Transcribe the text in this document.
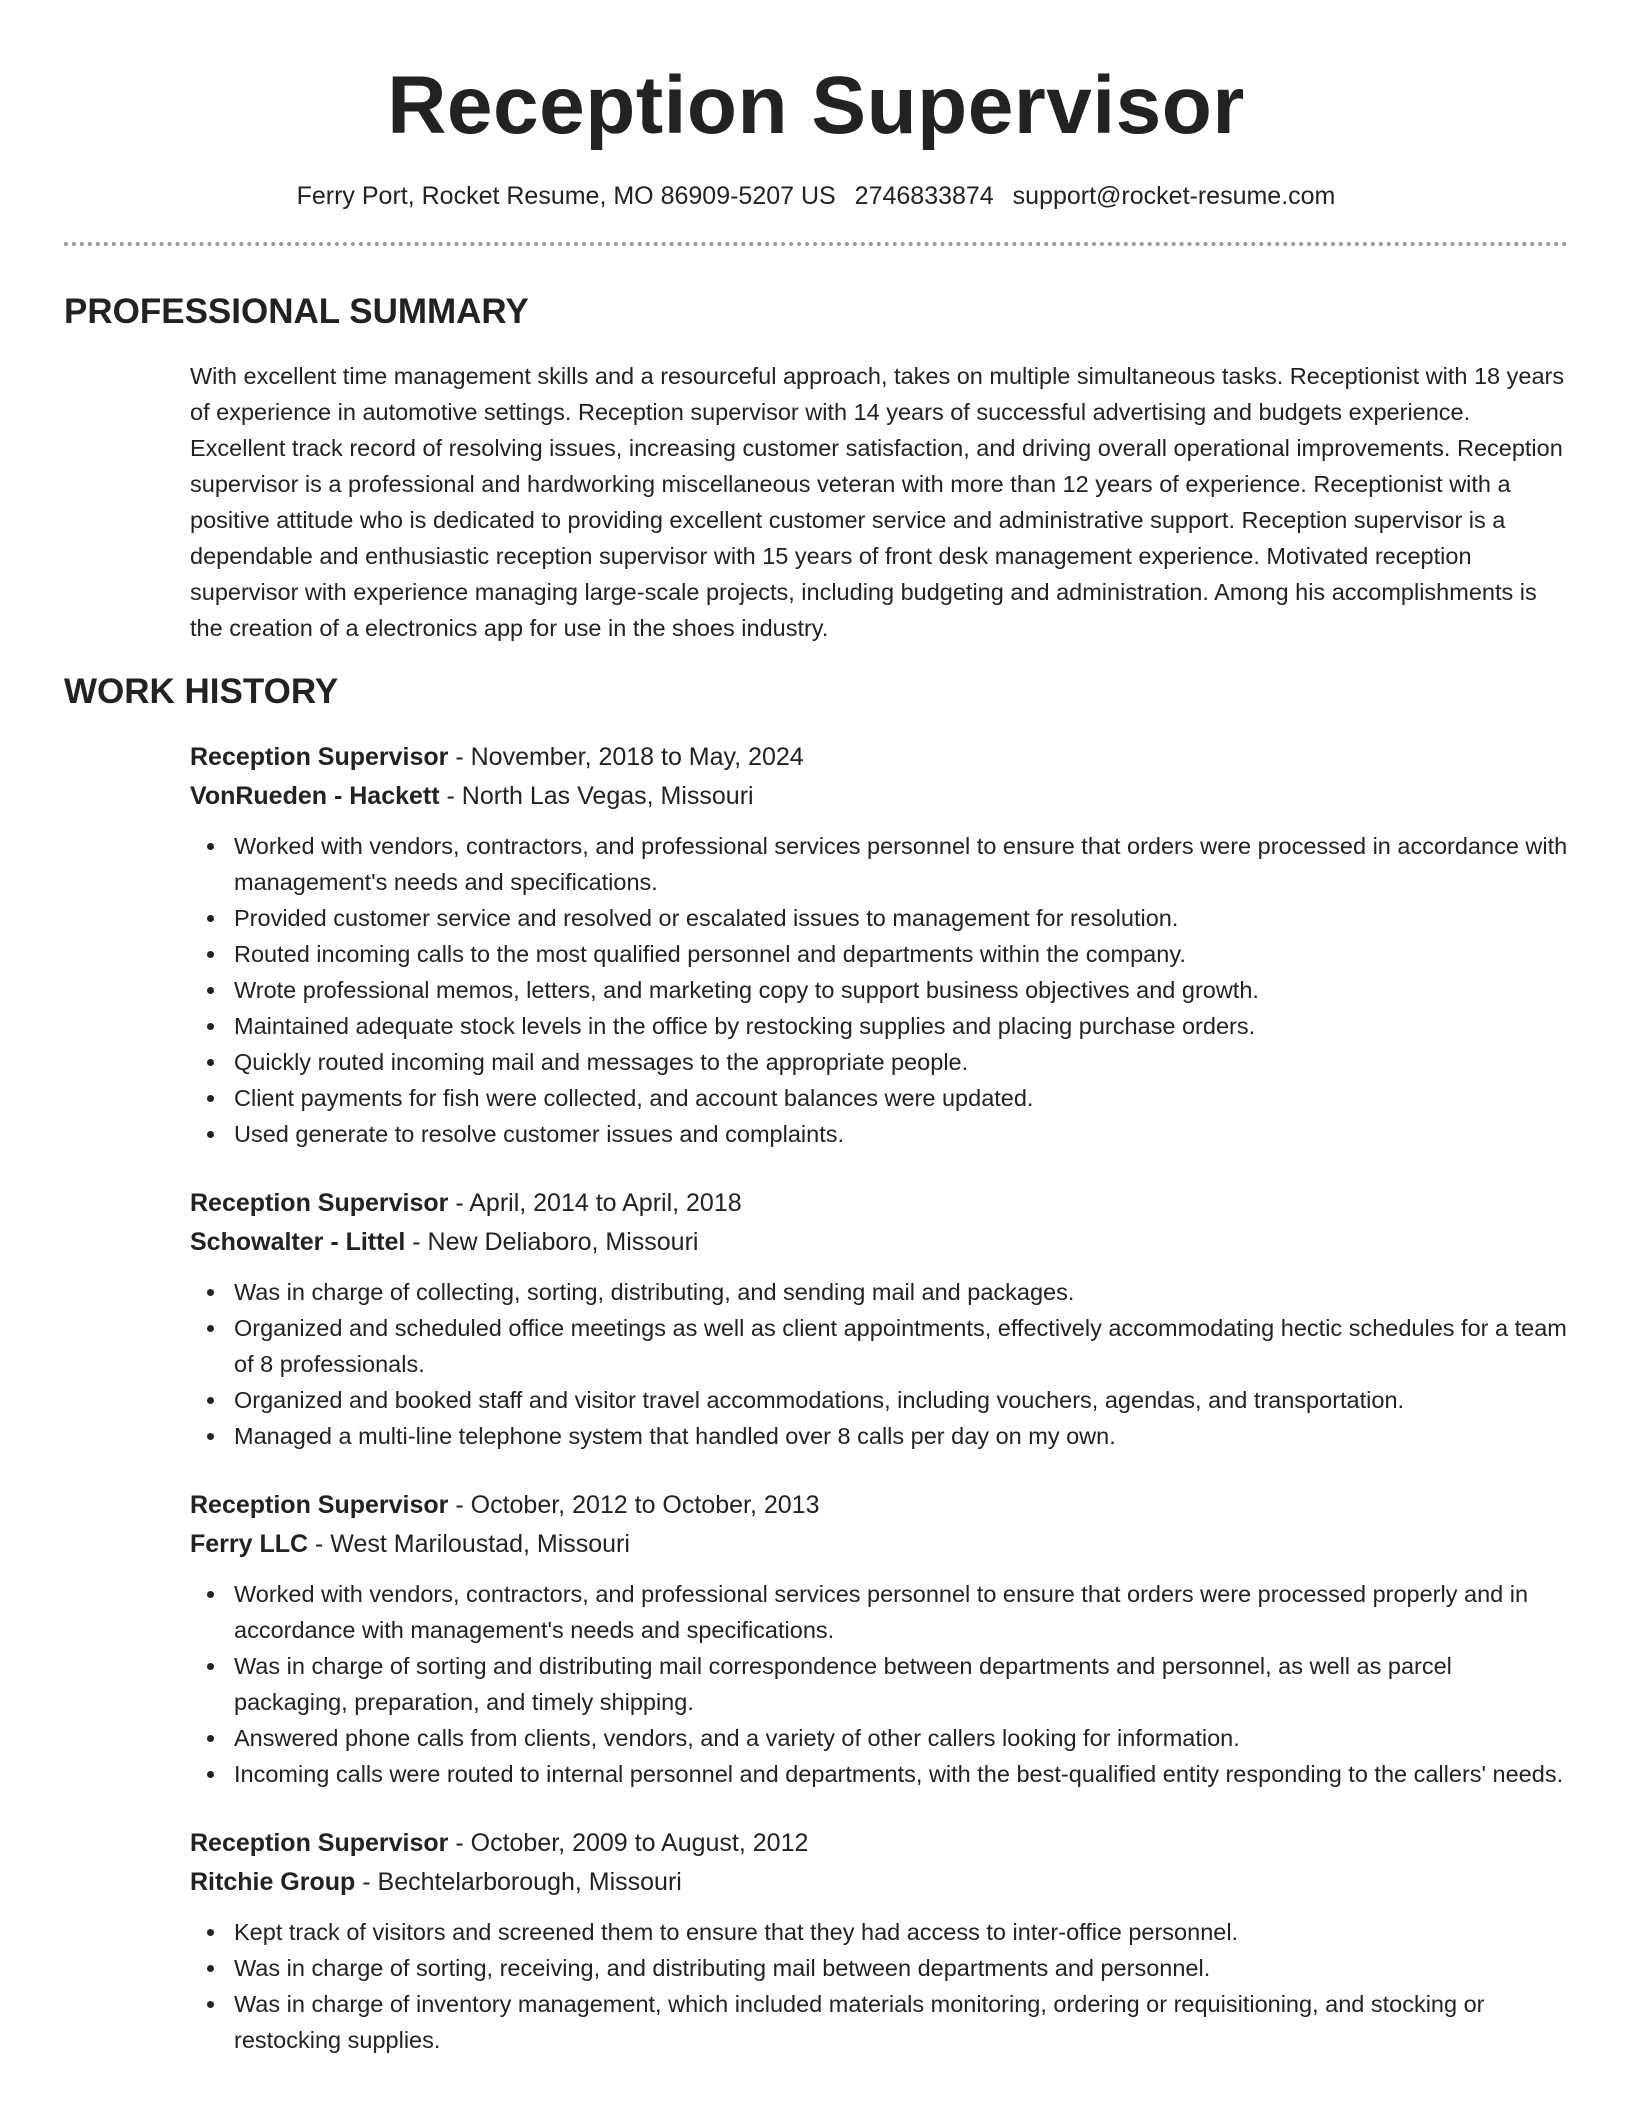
Reception Supervisor
Ferry Port, Rocket Resume, MO 86909-5207 US 2746833874 support@rocket-resume.com
PROFESSIONAL SUMMARY

With excellent time management skills and a resourceful approach, takes on multiple simultaneous tasks. Receptionist with 18 years of experience in automotive settings. Reception supervisor with 14 years of successful advertising and budgets experience. Excellent track record of resolving issues, increasing customer satisfaction, and driving overall operational improvements. Reception supervisor is a professional and hardworking miscellaneous veteran with more than 12 years of experience. Receptionist with a positive attitude who is dedicated to providing excellent customer service and administrative support. Reception supervisor is a dependable and enthusiastic reception supervisor with 15 years of front desk management experience. Motivated reception supervisor with experience managing large-scale projects, including budgeting and administration. Among his accomplishments is the creation of a electronics app for use in the shoes industry.

WORK HISTORY
Reception Supervisor - November, 2018 to May, 2024
VonRueden - Hackett - North Las Vegas, Missouri
Worked with vendors, contractors, and professional services personnel to ensure that orders were processed in accordance with management's needs and specifications.
Provided customer service and resolved or escalated issues to management for resolution.
Routed incoming calls to the most qualified personnel and departments within the company.
Wrote professional memos, letters, and marketing copy to support business objectives and growth.
Maintained adequate stock levels in the office by restocking supplies and placing purchase orders.
Quickly routed incoming mail and messages to the appropriate people.
Client payments for fish were collected, and account balances were updated.
Used generate to resolve customer issues and complaints.
Reception Supervisor - April, 2014 to April, 2018
Schowalter - Littel - New Deliaboro, Missouri
Was in charge of collecting, sorting, distributing, and sending mail and packages.
Organized and scheduled office meetings as well as client appointments, effectively accommodating hectic schedules for a team of 8 professionals.
Organized and booked staff and visitor travel accommodations, including vouchers, agendas, and transportation.
Managed a multi-line telephone system that handled over 8 calls per day on my own.
Reception Supervisor - October, 2012 to October, 2013
Ferry LLC - West Mariloustad, Missouri
Worked with vendors, contractors, and professional services personnel to ensure that orders were processed properly and in accordance with management's needs and specifications.
Was in charge of sorting and distributing mail correspondence between departments and personnel, as well as parcel packaging, preparation, and timely shipping.
Answered phone calls from clients, vendors, and a variety of other callers looking for information.
Incoming calls were routed to internal personnel and departments, with the best-qualified entity responding to the callers' needs.
Reception Supervisor - October, 2009 to August, 2012
Ritchie Group - Bechtelarborough, Missouri
Kept track of visitors and screened them to ensure that they had access to inter-office personnel.
Was in charge of sorting, receiving, and distributing mail between departments and personnel.
Was in charge of inventory management, which included materials monitoring, ordering or requisitioning, and stocking or restocking supplies.
